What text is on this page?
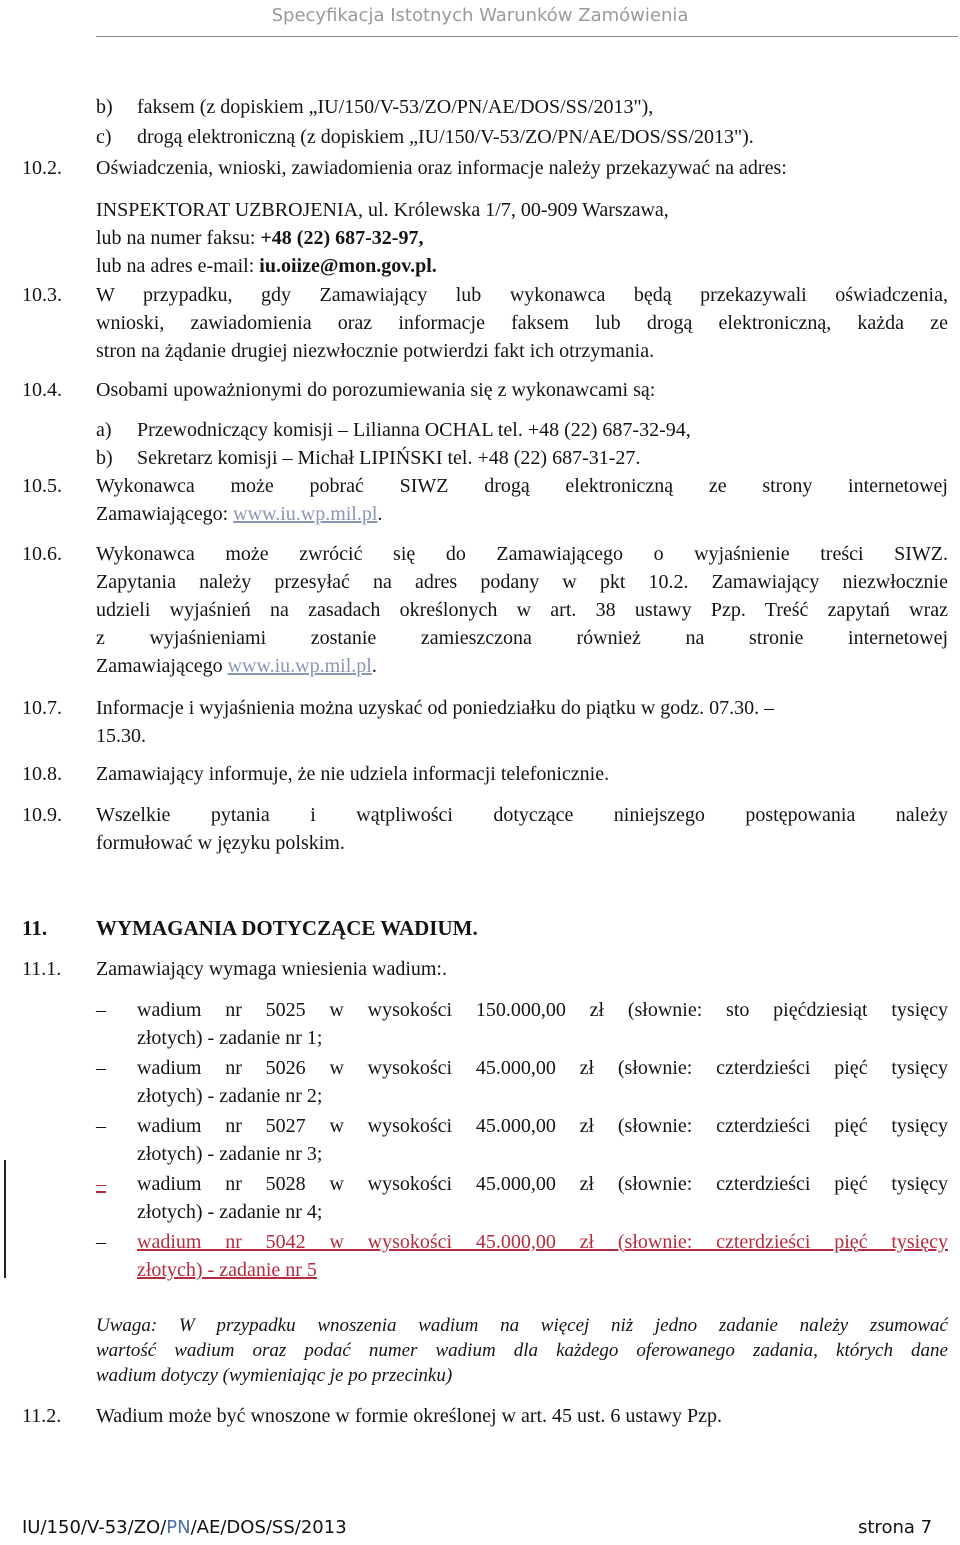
Specyfikacja Istotnych Warunków Zamówienia
b) faksem (z dopiskiem „IU/150/V-53/ZO/PN/AE/DOS/SS/2013"),
c) drogą elektroniczną (z dopiskiem „IU/150/V-53/ZO/PN/AE/DOS/SS/2013").
10.2. Oświadczenia, wnioski, zawiadomienia oraz informacje należy przekazywać na adres:
INSPEKTORAT UZBROJENIA, ul. Królewska 1/7, 00-909 Warszawa,
lub na numer faksu: +48 (22) 687-32-97,
lub na adres e-mail: iu.oiize@mon.gov.pl.
10.3. W przypadku, gdy Zamawiający lub wykonawca będą przekazywali oświadczenia,
wnioski, zawiadomienia oraz informacje faksem lub drogą elektroniczną, każda ze
stron na żądanie drugiej niezwłocznie potwierdzi fakt ich otrzymania.
10.4. Osobami upoważnionymi do porozumiewania się z wykonawcami są:
a) Przewodniczący komisji – Lilianna OCHAL tel. +48 (22) 687-32-94,
b) Sekretarz komisji – Michał LIPIŃSKI tel. +48 (22) 687-31-27.
10.5. Wykonawca może pobrać SIWZ drogą elektroniczną ze strony internetowej
Zamawiającego: www.iu.wp.mil.pl.
10.6. Wykonawca może zwrócić się do Zamawiającego o wyjaśnienie treści SIWZ.
Zapytania należy przesyłać na adres podany w pkt 10.2. Zamawiający niezwłocznie
udzieli wyjaśnień na zasadach określonych w art. 38 ustawy Pzp. Treść zapytań wraz
z wyjaśnieniami zostanie zamieszczona również na stronie internetowej
Zamawiającego www.iu.wp.mil.pl.
10.7. Informacje i wyjaśnienia można uzyskać od poniedziałku do piątku w godz. 07.30. –
15.30.
10.8. Zamawiający informuje, że nie udziela informacji telefonicznie.
10.9. Wszelkie pytania i wątpliwości dotyczące niniejszego postępowania należy
formułować w języku polskim.
11. WYMAGANIA DOTYCZĄCE WADIUM.
11.1. Zamawiający wymaga wniesienia wadium:.
– wadium nr 5025 w wysokości 150.000,00 zł (słownie: sto pięćdziesiąt tysięcy
złotych) - zadanie nr 1;
– wadium nr 5026 w wysokości 45.000,00 zł (słownie: czterdzieści pięć tysięcy
złotych) - zadanie nr 2;
– wadium nr 5027 w wysokości 45.000,00 zł (słownie: czterdzieści pięć tysięcy
złotych) - zadanie nr 3;
– wadium nr 5028 w wysokości 45.000,00 zł (słownie: czterdzieści pięć tysięcy
złotych) - zadanie nr 4;
– wadium nr 5042 w wysokości 45.000,00 zł (słownie: czterdzieści pięć tysięcy
złotych) - zadanie nr 5
Uwaga: W przypadku wnoszenia wadium na więcej niż jedno zadanie należy zsumować
wartość wadium oraz podać numer wadium dla każdego oferowanego zadania, których dane
wadium dotyczy (wymieniając je po przecinku)
11.2. Wadium może być wnoszone w formie określonej w art. 45 ust. 6 ustawy Pzp.
IU/150/V-53/ZO/PN/AE/DOS/SS/2013	strona 7
